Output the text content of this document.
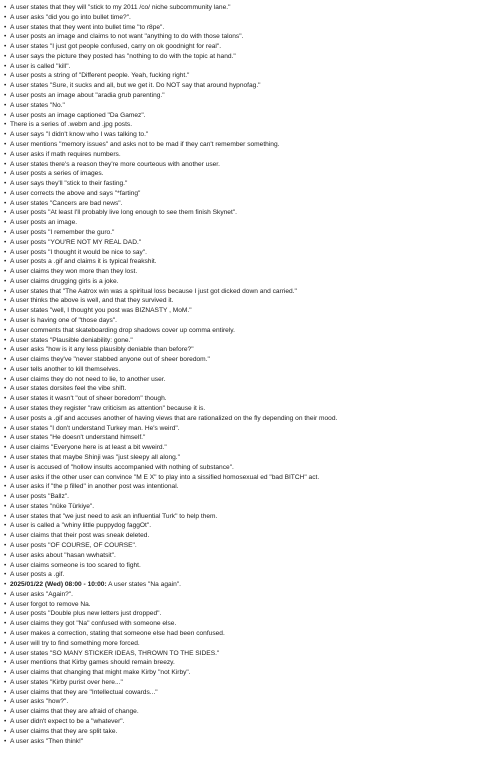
• A user states that they will "stick to my 2011 /co/ niche subcommunity lane."
• A user asks "did you go into bullet time?".
• A user states that they went into bullet time "to r8pe".
• A user posts an image and claims to not want "anything to do with those talons".
• A user states "I just got people confused, carry on ok goodnight for real".
• A user says the picture they posted has "nothing to do with the topic at hand."
• A user is called "kill".
• A user posts a string of "Different people. Yeah, fucking right."
• A user states "Sure, it sucks and all, but we get it. Do NOT say that around hypnofag."
• A user posts an image about "aradia grub parenting."
• A user states "No."
• A user posts an image captioned "Da Gamez".
• There is a series of .webm and .jpg posts.
• A user says "I didn't know who I was talking to."
• A user mentions "memory issues" and asks not to be mad if they can't remember something.
• A user asks if math requires numbers.
• A user states there's a reason they're more courteous with another user.
• A user posts a series of images.
• A user says they'll "stick to their fasting."
• A user corrects the above and says "*farting"
• A user states "Cancers are bad news".
• A user posts "At least I'll probably live long enough to see them finish Skynet".
• A user posts an image.
• A user posts "I remember the guro."
• A user posts "YOU'RE NOT MY REAL DAD."
• A user posts "I thought it would be nice to say".
• A user posts a .gif and claims it is typical freakshit.
• A user claims they won more than they lost.
• A user claims drugging girls is a joke.
• A user states that "The Aatrox win was a spiritual loss because I just got dicked down and carried."
• A user thinks the above is well, and that they survived it.
• A user states "well, I thought you post was BIZNASTY , MoM."
• A user is having one of "those days".
• A user comments that skateboarding drop shadows cover up comma entirely.
• A user states "Plausible deniability: gone."
• A user asks "how is it any less plausibly deniable than before?"
• A user claims they've "never stabbed anyone out of sheer boredom."
• A user tells another to kill themselves.
• A user claims they do not need to lie, to another user.
• A user states dorsites feel the vibe shift.
• A user states it wasn't "out of sheer boredom" though.
• A user states they register "raw criticism as attention" because it is.
• A user posts a .gif and accuses another of having views that are rationalized on the fly depending on their mood.
• A user states "I don't understand Turkey man. He's weird".
• A user states "He doesn't understand himself."
• A user claims "Everyone here is at least a bit wweird."
• A user states that maybe Shinji was "just sleepy all along."
• A user is accused of "hollow insults accompanied with nothing of substance".
• A user asks if the other user can convince "M E X" to play into a sissified homosexual ed "bad BITCH" act.
• A user asks if "the p filled" in another post was intentional.
• A user posts "Ballz".
• A user states "nüke Türkiye".
• A user states that "we just need to ask an influential Turk" to help them.
• A user is called a "whiny little puppydog faggOt".
• A user claims that their post was sneak deleted.
• A user posts "OF COURSE, OF COURSE".
• A user asks about "hasan wwhatsit".
• A user claims someone is too scared to fight.
• A user posts a .gif.
• 2025/01/22 (Wed) 08:00 - 10:00: A user states "Na again".
• A user asks "Again?".
• A user forgot to remove Na.
• A user posts "Double plus new letters just dropped".
• A user claims they got "Na" confused with someone else.
• A user makes a correction, stating that someone else had been confused.
• A user will try to find something more forced.
• A user states "SO MANY STICKER IDEAS, THROWN TO THE SIDES."
• A user mentions that Kirby games should remain breezy.
• A user claims that changing that might make Kirby "not Kirby".
• A user states "Kirby purist over here..."
• A user claims that they are "Intellectual cowards..."
• A user asks "how?".
• A user claims that they are afraid of change.
• A user didn't expect to be a "whatever".
• A user claims that they are split take.
• A user asks "Then think!"
